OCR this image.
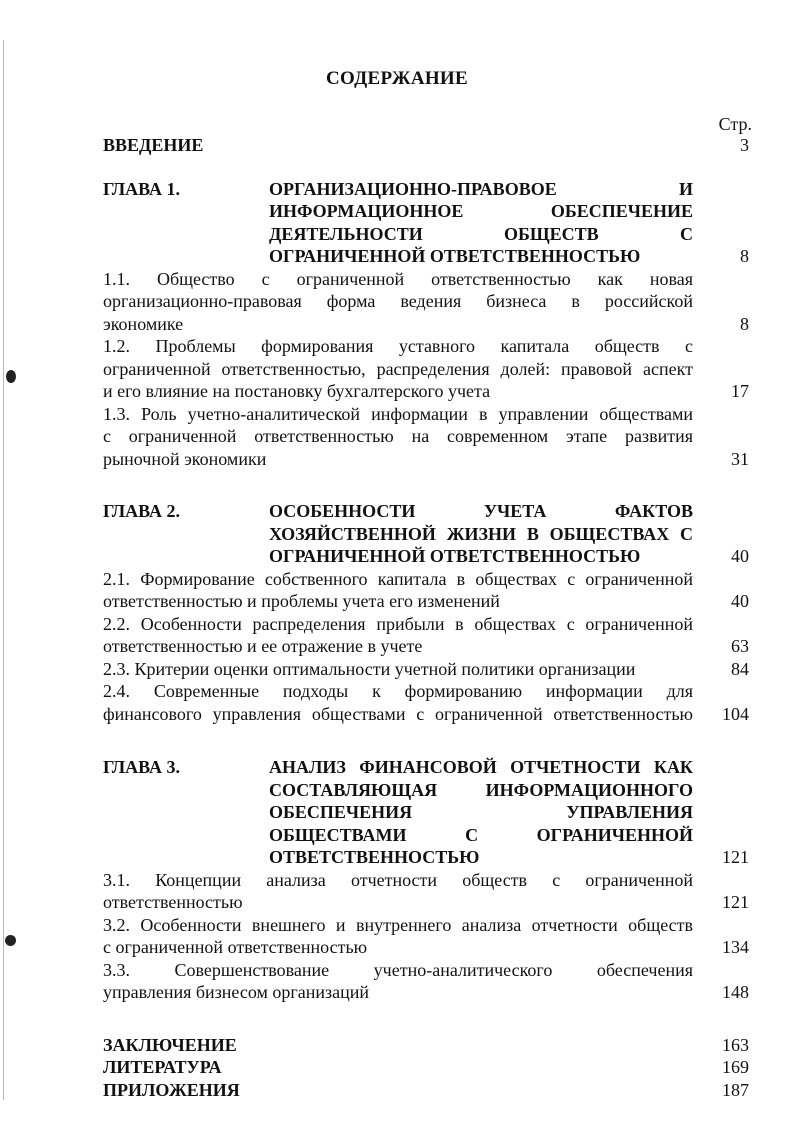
СОДЕРЖАНИЕ
Стр.
ВВЕДЕНИЕ	3
ГЛАВА 1.	ОРГАНИЗАЦИОННО-ПРАВОВОЕ И
ИНФОРМАЦИОННОЕ ОБЕСПЕЧЕНИЕ
ДЕЯТЕЛЬНОСТИ ОБЩЕСТВ С
ОГРАНИЧЕННОЙ ОТВЕТСТВЕННОСТЬЮ	8
1.1. Общество с ограниченной ответственностью как новая
организационно-правовая форма ведения бизнеса в российской
экономике	8
1.2. Проблемы формирования уставного капитала обществ с
ограниченной ответственностью, распределения долей: правовой аспект
и его влияние на постановку бухгалтерского учета	17
1.3. Роль учетно-аналитической информации в управлении обществами
с ограниченной ответственностью на современном этапе развития
рыночной экономики	31
ГЛАВА 2.	ОСОБЕННОСТИ УЧЕТА ФАКТОВ
ХОЗЯЙСТВЕННОЙ ЖИЗНИ В ОБЩЕСТВАХ С
ОГРАНИЧЕННОЙ ОТВЕТСТВЕННОСТЬЮ	40
2.1. Формирование собственного капитала в обществах с ограниченной
ответственностью и проблемы учета его изменений	40
2.2. Особенности распределения прибыли в обществах с ограниченной
ответственностью и ее отражение в учете	63
2.3. Критерии оценки оптимальности учетной политики организации	84
2.4. Современные подходы к формированию информации для
финансового управления обществами с ограниченной ответственностью	104
ГЛАВА 3.	АНАЛИЗ ФИНАНСОВОЙ ОТЧЕТНОСТИ КАК
СОСТАВЛЯЮЩАЯ ИНФОРМАЦИОННОГО
ОБЕСПЕЧЕНИЯ УПРАВЛЕНИЯ
ОБЩЕСТВАМИ С ОГРАНИЧЕННОЙ
ОТВЕТСТВЕННОСТЬЮ	121
3.1. Концепции анализа отчетности обществ с ограниченной
ответственностью	121
3.2. Особенности внешнего и внутреннего анализа отчетности обществ
с ограниченной ответственностью	134
3.3. Совершенствование учетно-аналитического обеспечения
управления бизнесом организаций	148
ЗАКЛЮЧЕНИЕ	163
ЛИТЕРАТУРА	169
ПРИЛОЖЕНИЯ	187
